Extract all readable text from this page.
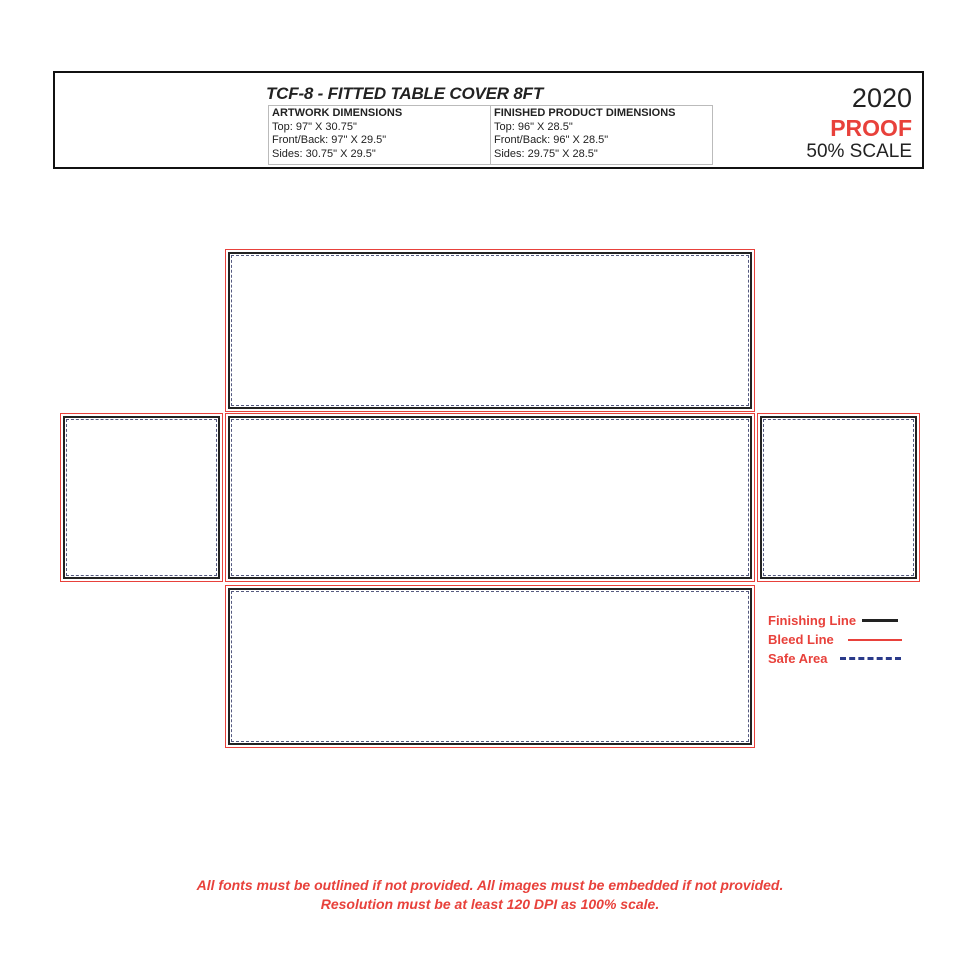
TCF-8 - FITTED TABLE COVER 8FT
ARTWORK DIMENSIONS
Top: 97" X 30.75"
Front/Back: 97" X 29.5"
Sides: 30.75" X 29.5"
FINISHED PRODUCT DIMENSIONS
Top: 96" X 28.5"
Front/Back: 96" X 28.5"
Sides: 29.75" X 28.5"
2020
PROOF
50% SCALE
Finishing Line
Bleed Line
Safe Area
All fonts must be outlined if not provided. All images must be embedded if not provided.
Resolution must be at least 120 DPI as 100% scale.
